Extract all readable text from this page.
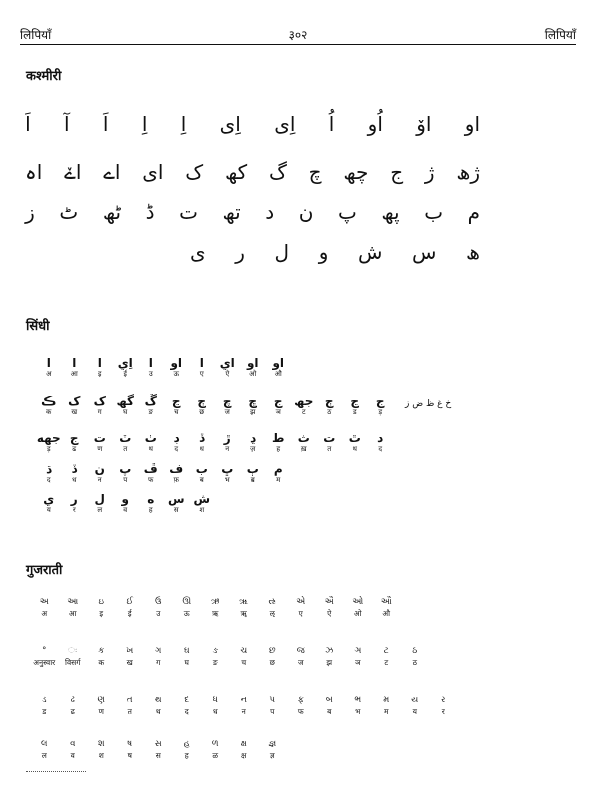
लिपियाँ	३०२	लिपियाँ
कश्मीरी
اَ آ اَ اِ اِ اِی اِی اُ اُو اۆ او
اہ اےٚ اے ای ک کھ گ چ چھ ج ژ ژھ
ز ٹ ٹھ ڈ ت تھ د ن پ پھ ب م
ی ر ل و ش س ھ
सिंधी
ا
अ
ا
आ
ا
इ
اِي
ई
ا
उ
او
ऊ
ا
ए
اي
ऐ
او
ओ
او
औ
ڪ
क
ک
ख
ک
ग
گھ
घ
ڱ
ङ
ڃ
च
ڄ
छ
چ
ज
ڇ
झ
ج
ञ
جھ
ट
ڄ
ठ
ڃ
ड
ج
ड़
جهه
ड़
ج
ढ
ت
ण
ٽ
त
ٺ
थ
ڊ
द
ڏ
ध
ڙ
न
ڍ
ज़
ط
ह
ث
ख़
ت
त
ٿ
थ
د
द
ڌ
द
ڏ
ध
ن
न
پ
प
ڦ
फ
ف
फ़
ب
ब
ڀ
भ
ٻ
ॿ
م
म
ي
य
ر
र
ل
ल
و
व
ه
ह
س
स
ش
श
خ غ ظ ض ز
गुजराती
અ
अ
આ
आ
ઇ
इ
ઈ
ई
ઉ
उ
ઊ
ऊ
ઋ
ऋ
ૠ
ॠ
ઌ
ऌ
એ
ए
ઐ
ऐ
ઓ
ओ
ઔ
औ
°
अनुस्वार
ઃ
विसर्ग
ક
क
ખ
ख
ગ
ग
ઘ
घ
ઙ
ङ
ચ
च
છ
छ
જ
ज
ઝ
झ
ઞ
ञ
ટ
ट
ઠ
ठ
ડ
ड
ઢ
ढ
ણ
ण
ત
त
થ
थ
દ
द
ધ
ध
ન
न
પ
प
ફ
फ
બ
ब
ભ
भ
મ
म
ય
य
ર
र
લ
ल
વ
व
શ
श
ષ
ष
સ
स
હ
ह
ળ
ळ
ક્ષ
क्ष
જ્ઞ
ज्ञ
